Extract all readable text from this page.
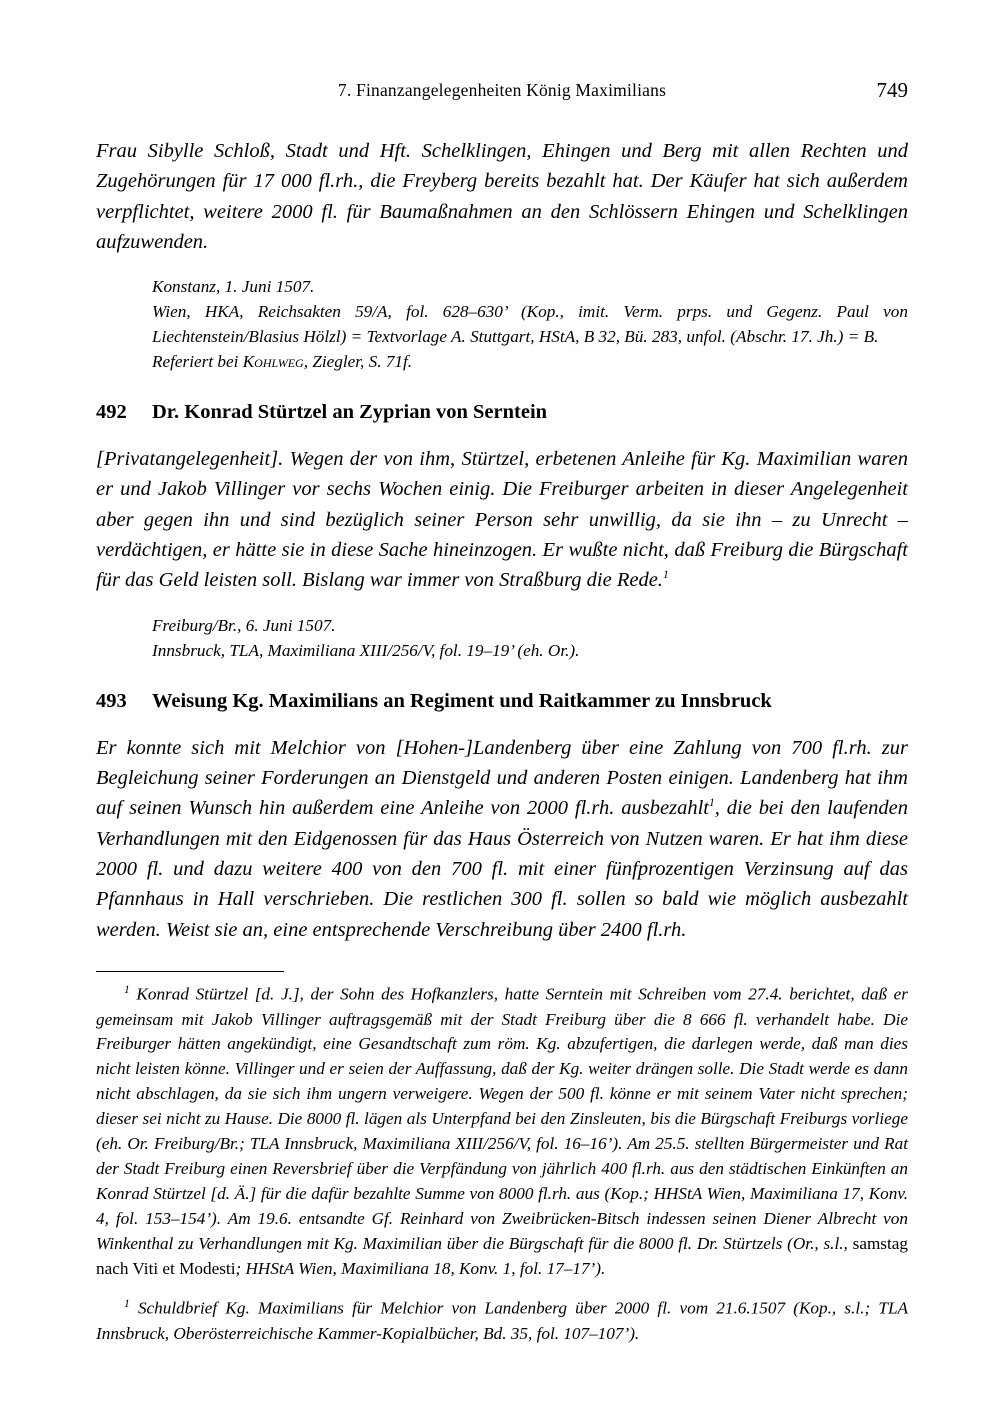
7. Finanzangelegenheiten König Maximilians	749

Frau Sibylle Schloß, Stadt und Hft. Schelklingen, Ehingen und Berg mit allen Rechten und Zugehörungen für 17 000 fl.rh., die Freyberg bereits bezahlt hat. Der Käufer hat sich außerdem verpflichtet, weitere 2000 fl. für Baumaßnahmen an den Schlössern Ehingen und Schelklingen aufzuwenden.

Konstanz, 1. Juni 1507.
Wien, HKA, Reichsakten 59/A, fol. 628–630’ (Kop., imit. Verm. prps. und Gegenz. Paul von Liechtenstein/Blasius Hölzl) = Textvorlage A. Stuttgart, HStA, B 32, Bü. 283, unfol. (Abschr. 17. Jh.) = B.
Referiert bei Kohlweg, Ziegler, S. 71f.
492	Dr. Konrad Stürtzel an Zyprian von Serntein

[Privatangelegenheit]. Wegen der von ihm, Stürtzel, erbetenen Anleihe für Kg. Maximilian waren er und Jakob Villinger vor sechs Wochen einig. Die Freiburger arbeiten in dieser Angelegenheit aber gegen ihn und sind bezüglich seiner Person sehr unwillig, da sie ihn – zu Unrecht – verdächtigen, er hätte sie in diese Sache hineinzogen. Er wußte nicht, daß Freiburg die Bürgschaft für das Geld leisten soll. Bislang war immer von Straßburg die Rede.$^1$

Freiburg/Br., 6. Juni 1507.
Innsbruck, TLA, Maximiliana XIII/256/V, fol. 19–19’ (eh. Or.).
493	Weisung Kg. Maximilians an Regiment und Raitkammer zu Innsbruck

Er konnte sich mit Melchior von [Hohen-]Landenberg über eine Zahlung von 700 fl.rh. zur Begleichung seiner Forderungen an Dienstgeld und anderen Posten einigen. Landenberg hat ihm auf seinen Wunsch hin außerdem eine Anleihe von 2000 fl.rh. ausbezahlt$^1$, die bei den laufenden Verhandlungen mit den Eidgenossen für das Haus Österreich von Nutzen waren. Er hat ihm diese 2000 fl. und dazu weitere 400 von den 700 fl. mit einer fünfprozentigen Verzinsung auf das Pfannhaus in Hall verschrieben. Die restlichen 300 fl. sollen so bald wie möglich ausbezahlt werden. Weist sie an, eine entsprechende Verschreibung über 2400 fl.rh.

$^1$ Konrad Stürtzel [d. J.], der Sohn des Hofkanzlers, hatte Serntein mit Schreiben vom 27.4. berichtet, daß er gemeinsam mit Jakob Villinger auftragsgemäß mit der Stadt Freiburg über die 8 666 fl. verhandelt habe. Die Freiburger hätten angekündigt, eine Gesandtschaft zum röm. Kg. abzufertigen, die darlegen werde, daß man dies nicht leisten könne. Villinger und er seien der Auffassung, daß der Kg. weiter drängen solle. Die Stadt werde es dann nicht abschlagen, da sie sich ihm ungern verweigere. Wegen der 500 fl. könne er mit seinem Vater nicht sprechen; dieser sei nicht zu Hause. Die 8000 fl. lägen als Unterpfand bei den Zinsleuten, bis die Bürgschaft Freiburgs vorliege (eh. Or. Freiburg/Br.; TLA Innsbruck, Maximiliana XIII/256/V, fol. 16–16’). Am 25.5. stellten Bürgermeister und Rat der Stadt Freiburg einen Reversbrief über die Verpfändung von jährlich 400 fl.rh. aus den städtischen Einkünften an Konrad Stürtzel [d. Ä.] für die dafür bezahlte Summe von 8000 fl.rh. aus (Kop.; HHStA Wien, Maximiliana 17, Konv. 4, fol. 153–154’). Am 19.6. entsandte Gf. Reinhard von Zweibrücken-Bitsch indessen seinen Diener Albrecht von Winkenthal zu Verhandlungen mit Kg. Maximilian über die Bürgschaft für die 8000 fl. Dr. Stürtzels (Or., s.l., samstag nach Viti et Modesti; HHStA Wien, Maximiliana 18, Konv. 1, fol. 17–17’).

$^1$ Schuldbrief Kg. Maximilians für Melchior von Landenberg über 2000 fl. vom 21.6.1507 (Kop., s.l.; TLA Innsbruck, Oberösterreichische Kammer-Kopialbücher, Bd. 35, fol. 107–107’).
